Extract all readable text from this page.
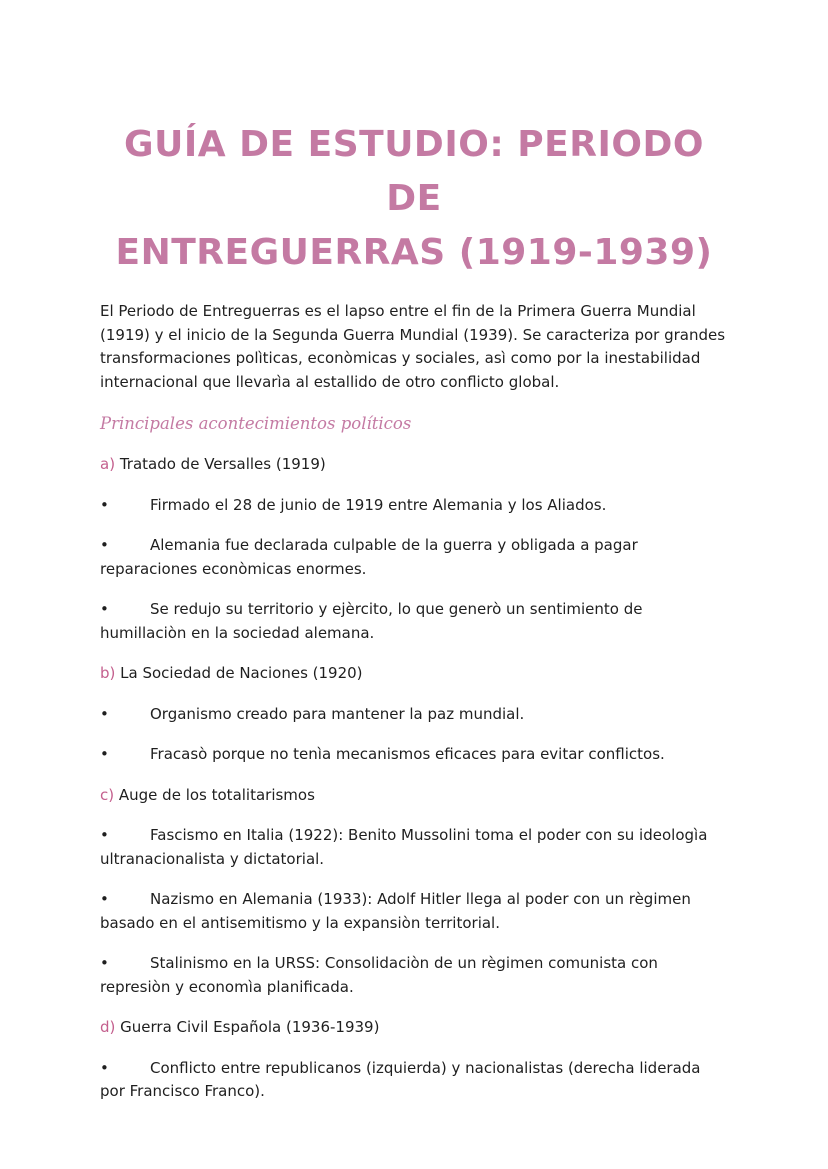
GUÍA DE ESTUDIO: PERIODO DE
ENTREGUERRAS (1919-1939)

El Periodo de Entreguerras es el lapso entre el fin de la Primera Guerra Mundial (1919) y el inicio de la Segunda Guerra Mundial (1939). Se caracteriza por grandes transformaciones polìticas, econòmicas y sociales, asì como por la inestabilidad internacional que llevarìa al estallido de otro conflicto global.

Principales acontecimientos políticos

a) Tratado de Versalles (1919)
•	Firmado el 28 de junio de 1919 entre Alemania y los Aliados.
•	Alemania fue declarada culpable de la guerra y obligada a pagar reparaciones econòmicas enormes.
•	Se redujo su territorio y ejèrcito, lo que generò un sentimiento de humillaciòn en la sociedad alemana.
b) La Sociedad de Naciones (1920)
•	Organismo creado para mantener la paz mundial.
•	Fracasò porque no tenìa mecanismos eficaces para evitar conflictos.
c) Auge de los totalitarismos
•	Fascismo en Italia (1922): Benito Mussolini toma el poder con su ideologìa ultranacionalista y dictatorial.
•	Nazismo en Alemania (1933): Adolf Hitler llega al poder con un règimen basado en el antisemitismo y la expansiòn territorial.
•	Stalinismo en la URSS: Consolidaciòn de un règimen comunista con represiòn y economìa planificada.
d) Guerra Civil Española (1936-1939)
•	Conflicto entre republicanos (izquierda) y nacionalistas (derecha liderada por Francisco Franco).
